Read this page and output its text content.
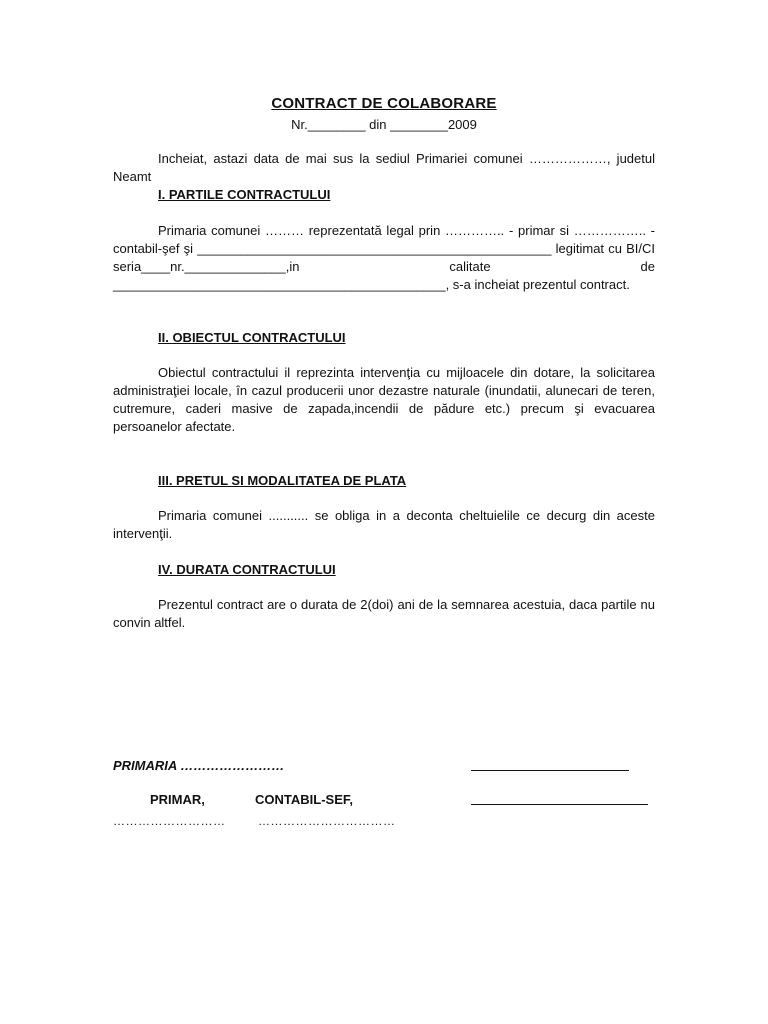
CONTRACT DE COLABORARE
Nr.________ din ________2009

Incheiat, astazi data de mai sus la sediul Primariei comunei ………………, judetul Neamt

I. PARTILE CONTRACTULUI

Primaria comunei ……… reprezentată legal prin ………….. - primar si …………….. - contabil-şef şi _________________________________________________ legitimat cu BI/CI seria____nr.______________,in calitate de ______________________________________________, s-a incheiat prezentul contract.

II. OBIECTUL CONTRACTULUI

Obiectul contractului il reprezinta intervenţia cu mijloacele din dotare, la solicitarea administraţiei locale, în cazul producerii unor dezastre naturale (inundatii, alunecari de teren, cutremure, caderi masive de zapada,incendii de pădure etc.) precum şi evacuarea persoanelor afectate.

III. PRETUL SI MODALITATEA DE PLATA

Primaria comunei ........... se obliga in a deconta cheltuielile ce decurg din aceste intervenţii.

IV. DURATA CONTRACTULUI

Prezentul contract are o durata de 2(doi) ani de la semnarea acestuia, daca partile nu convin altfel.

PRIMARIA ……………………
PRIMAR,	CONTABIL-SEF,
………………………	……………………………
